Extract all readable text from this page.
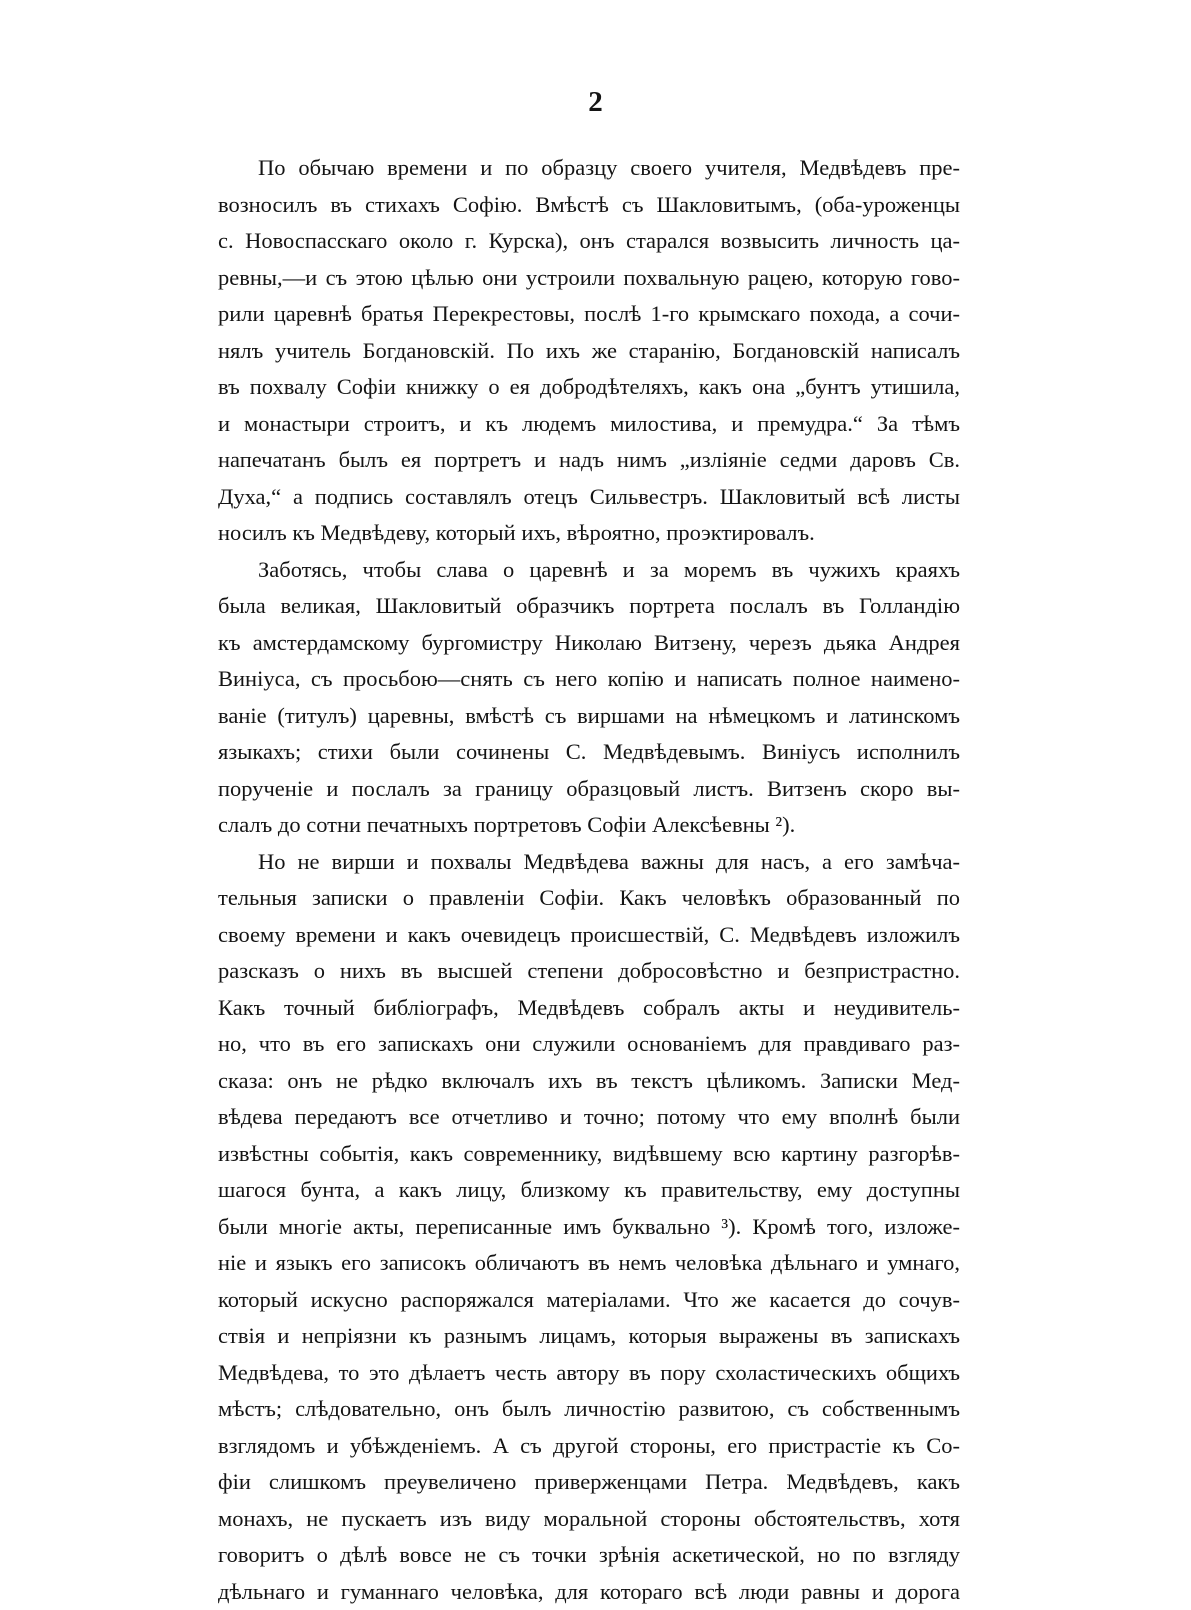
2
По обычаю времени и по образцу своего учителя, Медвѣдевъ пре-
возносилъ въ стихахъ Софію. Вмѣстѣ съ Шакловитымъ, (оба-уроженцы
с. Новоспасскаго около г. Курска), онъ старался возвысить личность ца-
ревны,—и съ этою цѣлью они устроили похвальную рацею, которую гово-
рили царевнѣ братья Перекрестовы, послѣ 1-го крымскаго похода, а сочи-
нялъ учитель Богдановскій. По ихъ же старанію, Богдановскій написалъ
въ похвалу Софіи книжку о ея добродѣтеляхъ, какъ она „бунтъ утишила,
и монастыри строитъ, и къ людемъ милостива, и премудра.“ За тѣмъ
напечатанъ былъ ея портретъ и надъ нимъ „изліяніе седми даровъ Св.
Духа,“ а подпись составлялъ отецъ Сильвестръ. Шакловитый всѣ листы
носилъ къ Медвѣдеву, который ихъ, вѣроятно, проэктировалъ.
Заботясь, чтобы слава о царевнѣ и за моремъ въ чужихъ краяхъ
была великая, Шакловитый образчикъ портрета послалъ въ Голландію
къ амстердамскому бургомистру Николаю Витзену, черезъ дьяка Андрея
Виніуса, съ просьбою—снять съ него копію и написать полное наимено-
ваніе (титулъ) царевны, вмѣстѣ съ виршами на нѣмецкомъ и латинскомъ
языкахъ; стихи были сочинены С. Медвѣдевымъ. Виніусъ исполнилъ
порученіе и послалъ за границу образцовый листъ. Витзенъ скоро вы-
слалъ до сотни печатныхъ портретовъ Софіи Алексѣевны ²).
Но не вирши и похвалы Медвѣдева важны для насъ, а его замѣча-
тельныя записки о правленіи Софіи. Какъ человѣкъ образованный по
своему времени и какъ очевидецъ происшествій, С. Медвѣдевъ изложилъ
разсказъ о нихъ въ высшей степени добросовѣстно и безпристрастно.
Какъ точный библіографъ, Медвѣдевъ собралъ акты и неудивитель-
но, что въ его запискахъ они служили основаніемъ для правдиваго раз-
сказа: онъ не рѣдко включалъ ихъ въ текстъ цѣликомъ. Записки Мед-
вѣдева передаютъ все отчетливо и точно; потому что ему вполнѣ были
извѣстны событія, какъ современнику, видѣвшему всю картину разгорѣв-
шагося бунта, а какъ лицу, близкому къ правительству, ему доступны
были многіе акты, переписанные имъ буквально ³). Кромѣ того, изложе-
ніе и языкъ его записокъ обличаютъ въ немъ человѣка дѣльнаго и умнаго,
который искусно распоряжался матеріалами. Что же касается до сочув-
ствія и непріязни къ разнымъ лицамъ, которыя выражены въ запискахъ
Медвѣдева, то это дѣлаетъ честь автору въ пору схоластическихъ общихъ
мѣстъ; слѣдовательно, онъ былъ личностію развитою, съ собственнымъ
взглядомъ и убѣжденіемъ. А съ другой стороны, его пристрастіе къ Со-
фіи слишкомъ преувеличено приверженцами Петра. Медвѣдевъ, какъ
монахъ, не пускаетъ изъ виду моральной стороны обстоятельствъ, хотя
говоритъ о дѣлѣ вовсе не съ точки зрѣнія аскетической, но по взгляду
дѣльнаго и гуманнаго человѣка, для котораго всѣ люди равны и дорога
